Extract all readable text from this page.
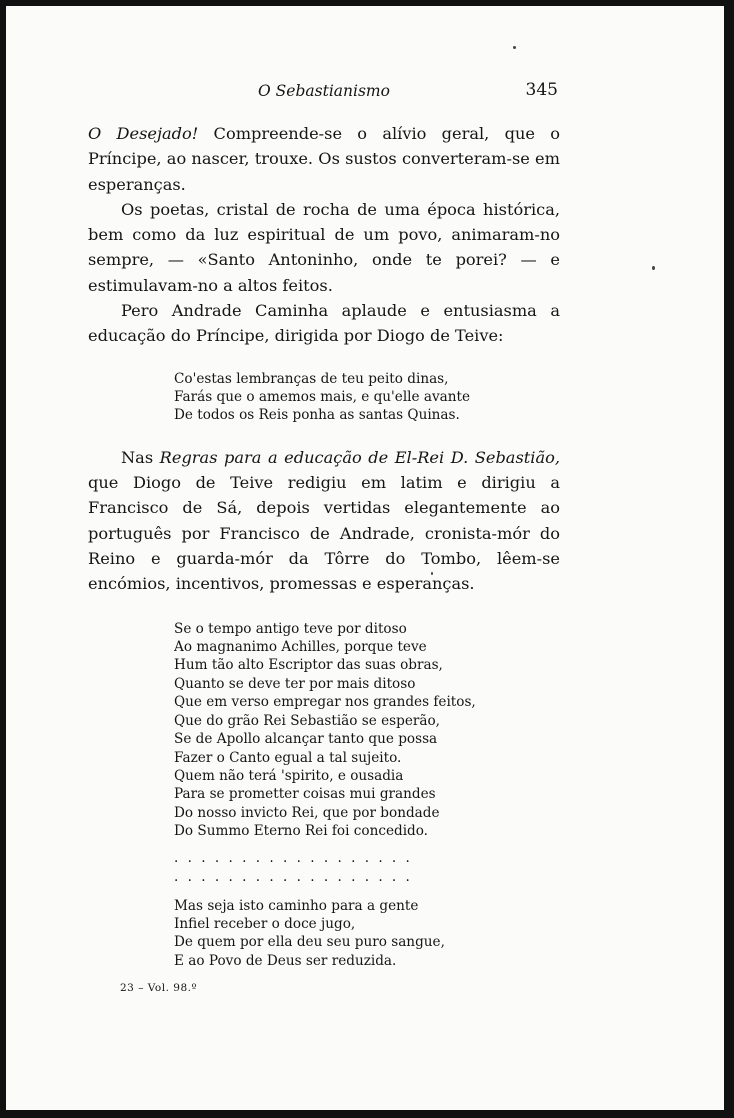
O Sebastianismo	345

O Desejado! Compreende-se o alívio geral, que o Príncipe, ao nascer, trouxe. Os sustos converteram-se em esperanças.

Os poetas, cristal de rocha de uma época histórica, bem como da luz espiritual de um povo, animaram-no sempre, — «Santo Antoninho, onde te porei? — e estimulavam-no a altos feitos.

Pero Andrade Caminha aplaude e entusiasma a educação do Príncipe, dirigida por Diogo de Teive:

Co'estas lembranças de teu peito dinas,
Farás que o amemos mais, e qu'elle avante
De todos os Reis ponha as santas Quinas.

Nas Regras para a educação de El-Rei D. Sebastião, que Diogo de Teive redigiu em latim e dirigiu a Francisco de Sá, depois vertidas elegantemente ao português por Francisco de Andrade, cronista-mór do Reino e guarda-mór da Tôrre do Tombo, lêem-se encómios, incentivos, promessas e esperanças.

Se o tempo antigo teve por ditoso
Ao magnanimo Achilles, porque teve
Hum tão alto Escriptor das suas obras,
Quanto se deve ter por mais ditoso
Que em verso empregar nos grandes feitos,
Que do grão Rei Sebastião se esperão,
Se de Apollo alcançar tanto que possa
Fazer o Canto egual a tal sujeito.
Quem não terá 'spirito, e ousadia
Para se prometter coisas mui grandes
Do nosso invicto Rei, que por bondade
Do Summo Eterno Rei foi concedido.
..................
..................
Mas seja isto caminho para a gente
Infiel receber o doce jugo,
De quem por ella deu seu puro sangue,
E ao Povo de Deus ser reduzida.
23 – Vol. 98.º
